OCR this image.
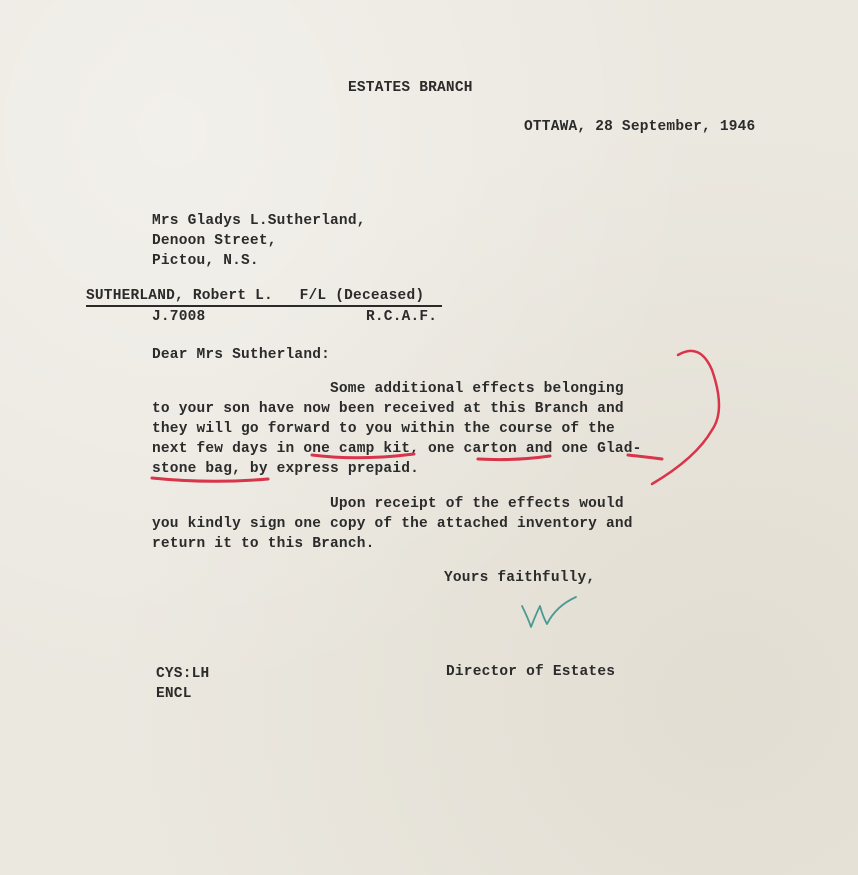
ESTATES BRANCH
OTTAWA, 28 September, 1946
Mrs Gladys L.Sutherland,
Denoon Street,
Pictou, N.S.
SUTHERLAND, Robert L.   F/L (Deceased)
J.7008	R.C.A.F.
Dear Mrs Sutherland:
Some additional effects belonging
to your son have now been received at this Branch and
they will go forward to you within the course of the
next few days in one camp kit, one carton and one Glad-
stone bag, by express prepaid.
Upon receipt of the effects would
you kindly sign one copy of the attached inventory and
return it to this Branch.
Yours faithfully,
CYS:LH
ENCL
Director of Estates
